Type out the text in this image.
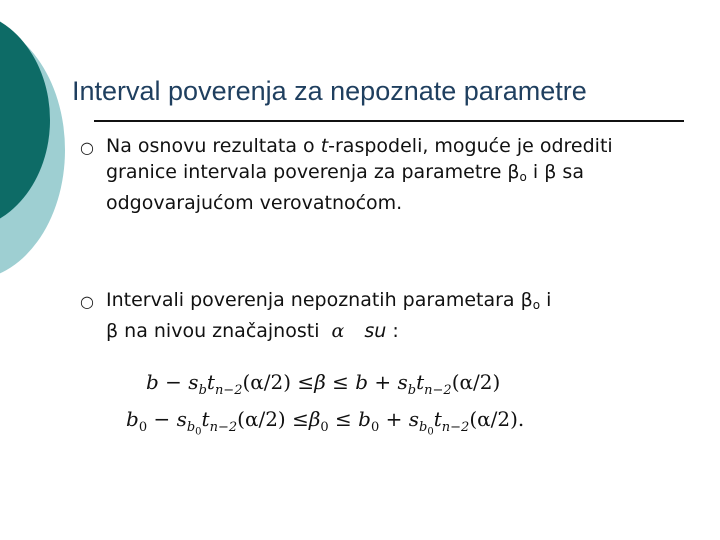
Interval poverenja za nepoznate parametre
○ Na osnovu rezultata o t-raspodeli, moguće je odrediti granice intervala poverenja za parametre $\beta_o$ i β sa odgovarajućom verovatnoćom.
○ Intervali poverenja nepoznatih parametara $\beta_o$ i
β na nivou značajnosti α su :
$b - s_bt_{n-2}(\alpha/2) \le\beta \le b + s_bt_{n-2}(\alpha/2)$
$b_0 - s_{b_0}t_{n-2}(\alpha/2) \le\beta_0 \le b_0 + s_{b_0}t_{n-2}(\alpha/2)$.
